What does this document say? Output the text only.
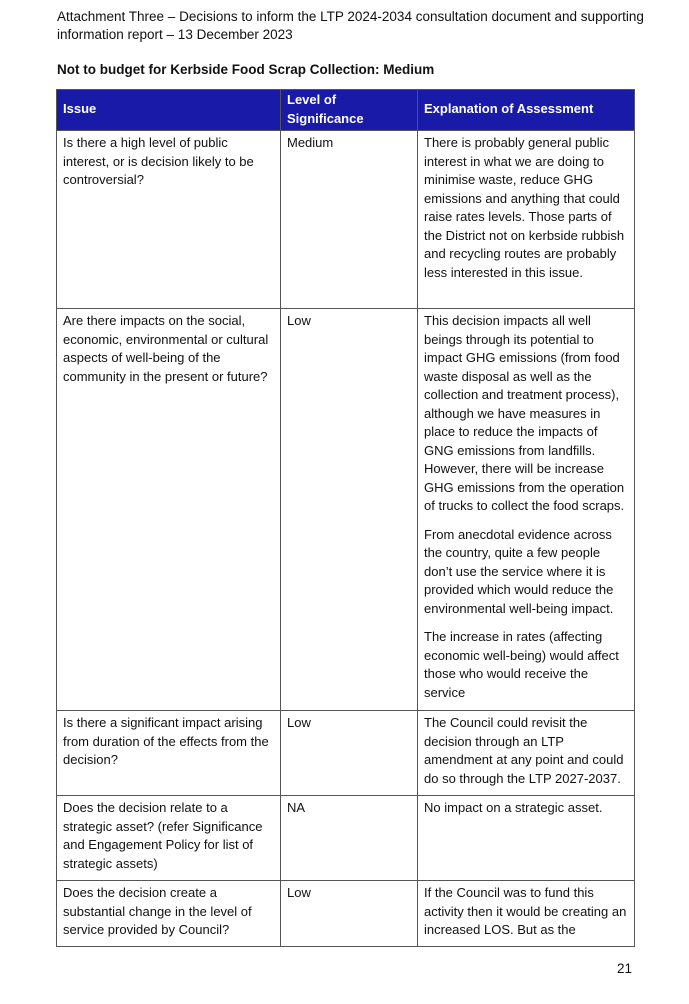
Attachment Three – Decisions to inform the LTP 2024-2034 consultation document and supporting
information report – 13 December 2023
Not to budget for Kerbside Food Scrap Collection: Medium
Issue	Level of Significance	Explanation of Assessment
Is there a high level of public interest, or is decision likely to be controversial?	Medium	There is probably general public interest in what we are doing to minimise waste, reduce GHG emissions and anything that could raise rates levels. Those parts of the District not on kerbside rubbish and recycling routes are probably less interested in this issue.

Are there impacts on the social, economic, environmental or cultural aspects of well-being of the community in the present or future?	Low	This decision impacts all well beings through its potential to impact GHG emissions (from food waste disposal as well as the collection and treatment process), although we have measures in place to reduce the impacts of GNG emissions from landfills. However, there will be increase GHG emissions from the operation of trucks to collect the food scraps.

From anecdotal evidence across the country, quite a few people don’t use the service where it is provided which would reduce the environmental well-being impact.

The increase in rates (affecting economic well-being) would affect those who would receive the service

Is there a significant impact arising from duration of the effects from the decision?	Low	The Council could revisit the decision through an LTP amendment at any point and could do so through the LTP 2027-2037.

Does the decision relate to a strategic asset? (refer Significance and Engagement Policy for list of strategic assets)	NA	No impact on a strategic asset.

Does the decision create a substantial change in the level of service provided by Council?	Low	If the Council was to fund this activity then it would be creating an increased LOS. But as the

21
